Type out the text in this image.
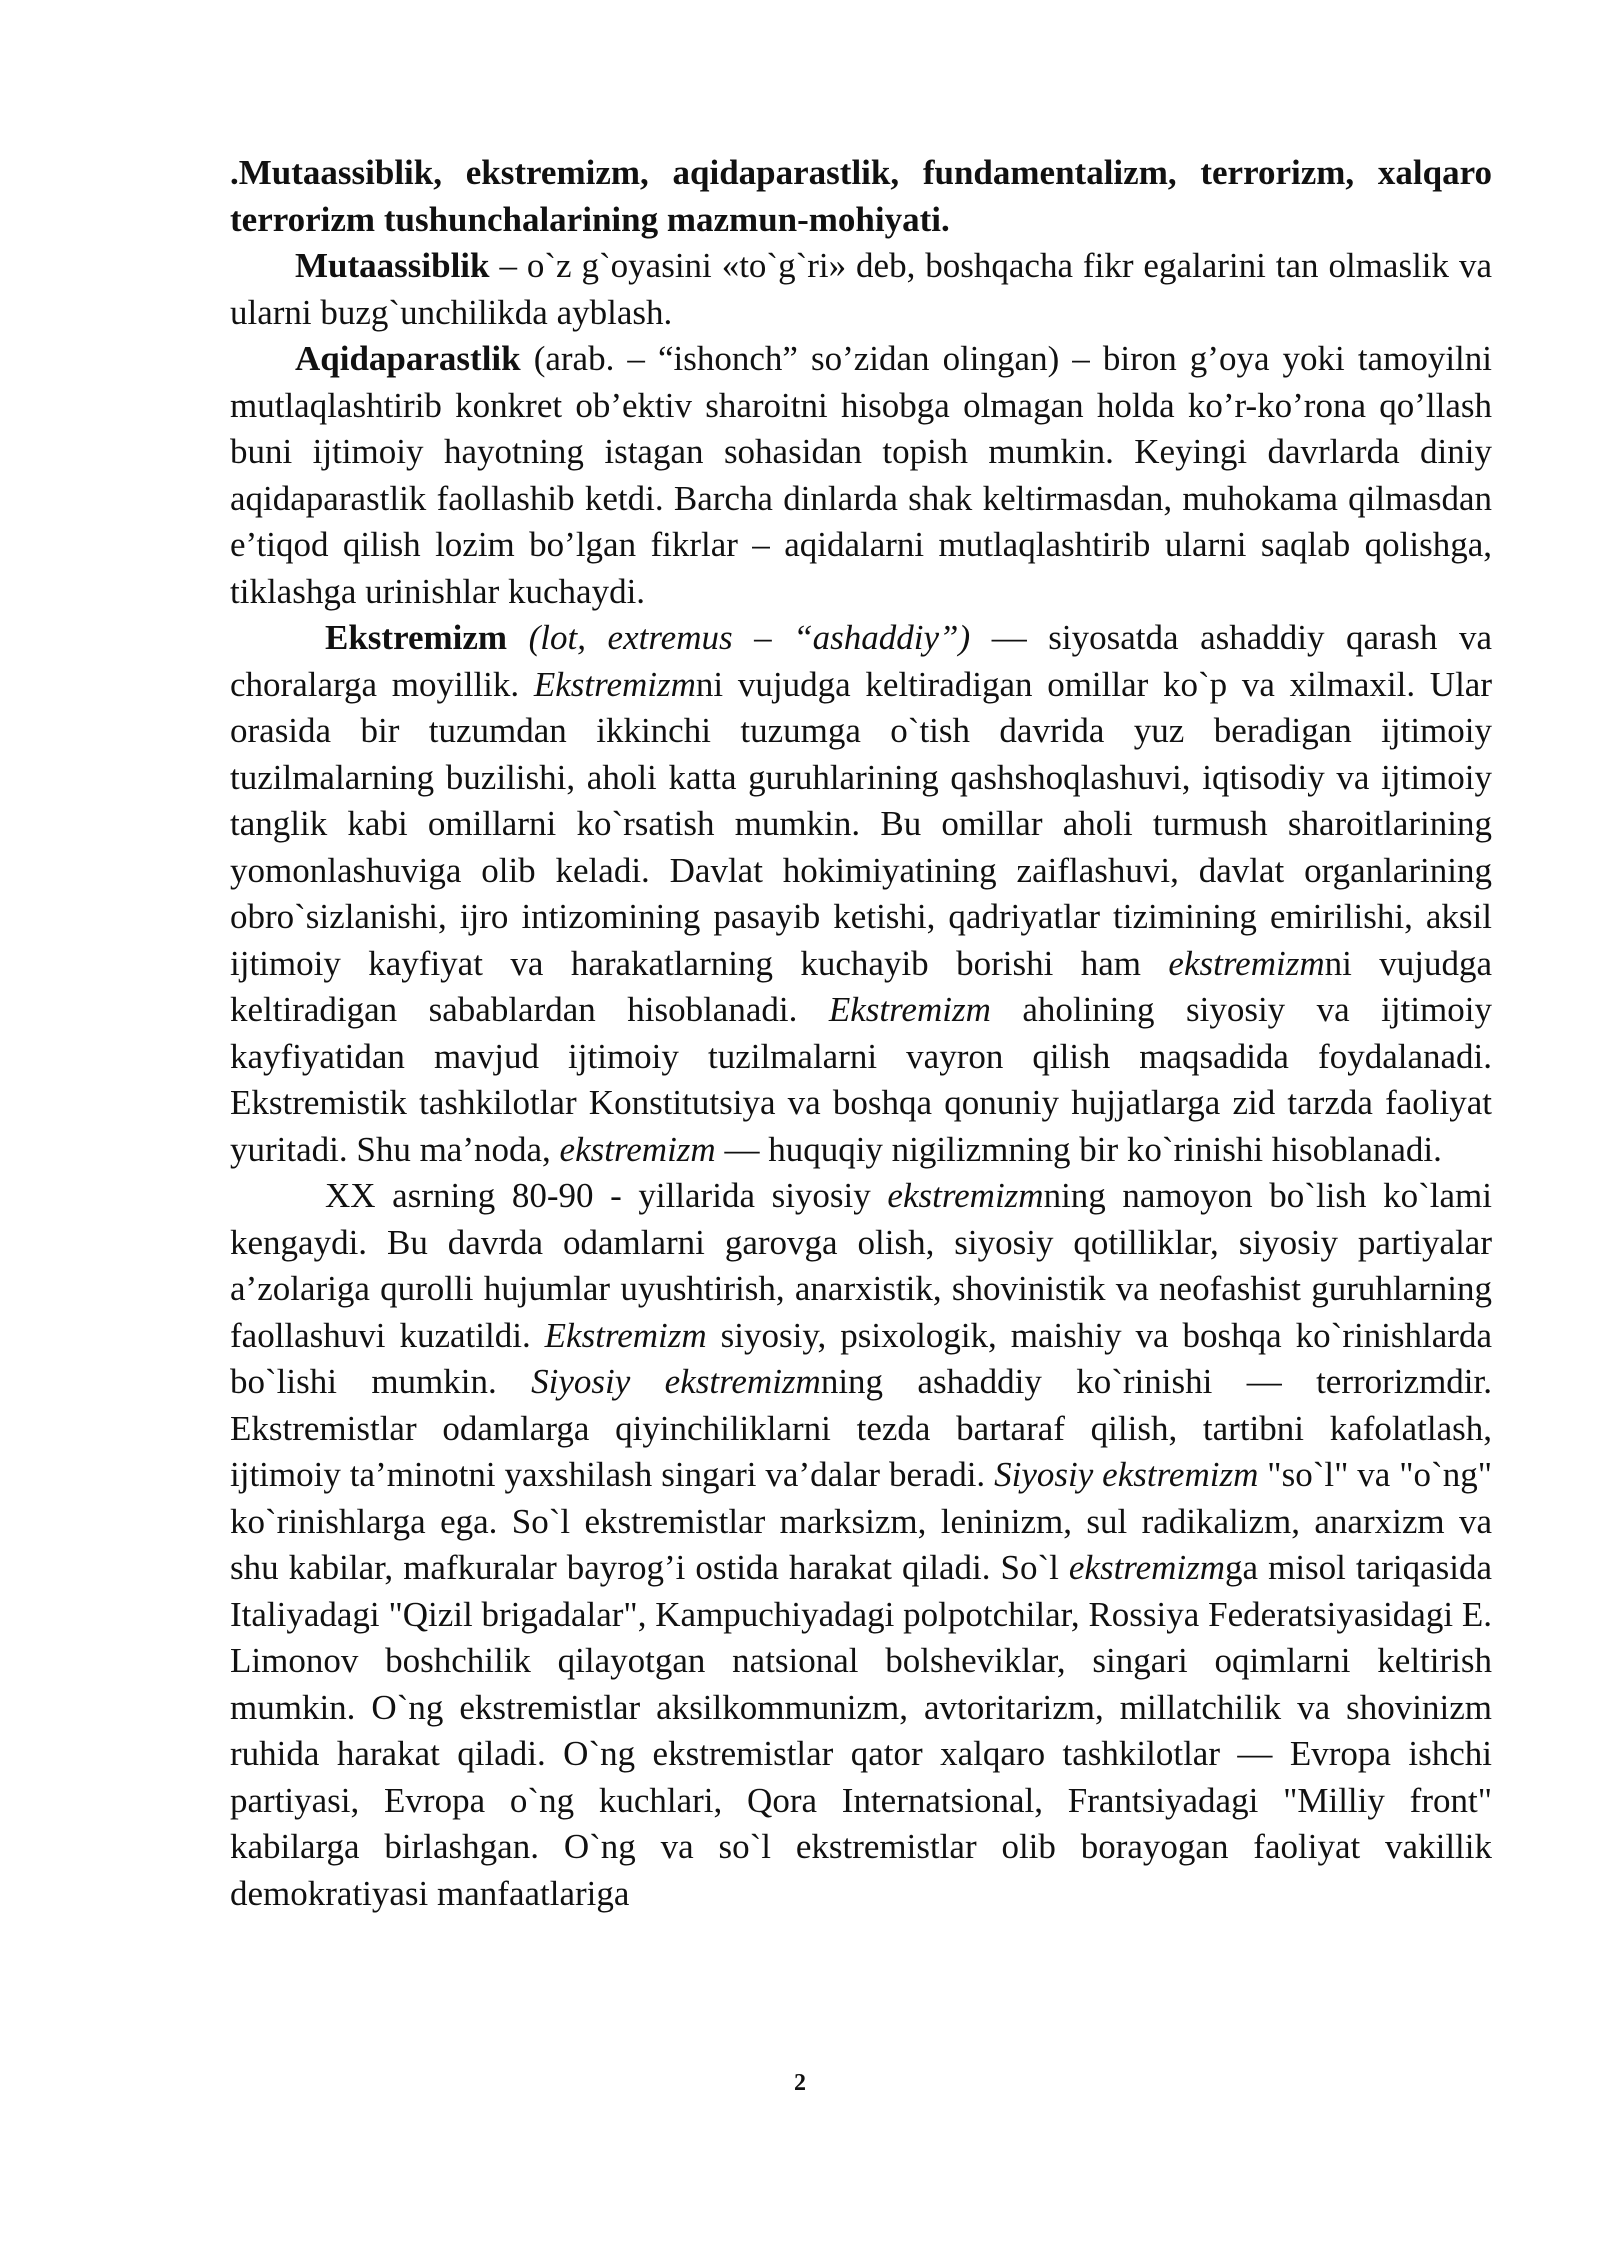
.Mutaassiblik, ekstremizm, aqidaparastlik, fundamentalizm, terrorizm, xalqaro terrorizm tushunchalarining mazmun-mohiyati.

Mutaassiblik – o`z g`oyasini «to`g`ri» deb, boshqacha fikr egalarini tan olmaslik va ularni buzg`unchilikda ayblash.

Aqidaparastlik (arab. – “ishonch” so’zidan olingan) – biron g’oya yoki tamoyilni mutlaqlashtirib konkret ob’ektiv sharoitni hisobga olmagan holda ko’r-ko’rona qo’llash buni ijtimoiy hayotning istagan sohasidan topish mumkin. Keyingi davrlarda diniy aqidaparastlik faollashib ketdi. Barcha dinlarda shak keltirmasdan, muhokama qilmasdan e’tiqod qilish lozim bo’lgan fikrlar – aqidalarni mutlaqlashtirib ularni saqlab qolishga, tiklashga urinishlar kuchaydi.

Ekstremizm (lot, extremus – “ashaddiy”) — siyosatda ashaddiy qarash va choralarga moyillik. Ekstremizmni vujudga keltiradigan omillar ko`p va xilmaxil. Ular orasida bir tuzumdan ikkinchi tuzumga o`tish davrida yuz beradigan ijtimoiy tuzilmalarning buzilishi, aholi katta guruhlarining qashshoqlashuvi, iqtisodiy va ijtimoiy tanglik kabi omillarni ko`rsatish mumkin. Bu omillar aholi turmush sharoitlarining yomonlashuviga olib keladi. Davlat hokimiyatining zaiflashuvi, davlat organlarining obro`sizlanishi, ijro intizomining pasayib ketishi, qadriyatlar tizimining emirilishi, aksil ijtimoiy kayfiyat va harakatlarning kuchayib borishi ham ekstremizmni vujudga keltiradigan sabablardan hisoblanadi. Ekstremizm aholining siyosiy va ijtimoiy kayfiyatidan mavjud ijtimoiy tuzilmalarni vayron qilish maqsadida foydalanadi. Ekstremistik tashkilotlar Konstitutsiya va boshqa qonuniy hujjatlarga zid tarzda faoliyat yuritadi. Shu ma’noda, ekstremizm — huquqiy nigilizmning bir ko`rinishi hisoblanadi.

XX asrning 80-90 - yillarida siyosiy ekstremizmning namoyon bo`lish ko`lami kengaydi. Bu davrda odamlarni garovga olish, siyosiy qotilliklar, siyosiy partiyalar a’zolariga qurolli hujumlar uyushtirish, anarxistik, shovinistik va neofashist guruhlarning faollashuvi kuzatildi. Ekstremizm siyosiy, psixologik, maishiy va boshqa ko`rinishlarda bo`lishi mumkin. Siyosiy ekstremizmning ashaddiy ko`rinishi — terrorizmdir. Ekstremistlar odamlarga qiyinchiliklarni tezda bartaraf qilish, tartibni kafolatlash, ijtimoiy ta’minotni yaxshilash singari va’dalar beradi. Siyosiy ekstremizm "so`l" va "o`ng" ko`rinishlarga ega. So`l ekstremistlar marksizm, leninizm, sul radikalizm, anarxizm va shu kabilar, mafkuralar bayrog’i ostida harakat qiladi. So`l ekstremizmga misol tariqasida Italiyadagi "Qizil brigadalar", Kampuchiyadagi polpotchilar, Rossiya Federatsiyasidagi E. Limonov boshchilik qilayotgan natsional bolsheviklar, singari oqimlarni keltirish mumkin. O`ng ekstremistlar aksilkommunizm, avtoritarizm, millatchilik va shovinizm ruhida harakat qiladi. O`ng ekstremistlar qator xalqaro tashkilotlar — Evropa ishchi partiyasi, Evropa o`ng kuchlari, Qora Internatsional, Frantsiyadagi "Milliy front" kabilarga birlashgan. O`ng va so`l ekstremistlar olib borayogan faoliyat vakillik demokratiyasi manfaatlariga

2
